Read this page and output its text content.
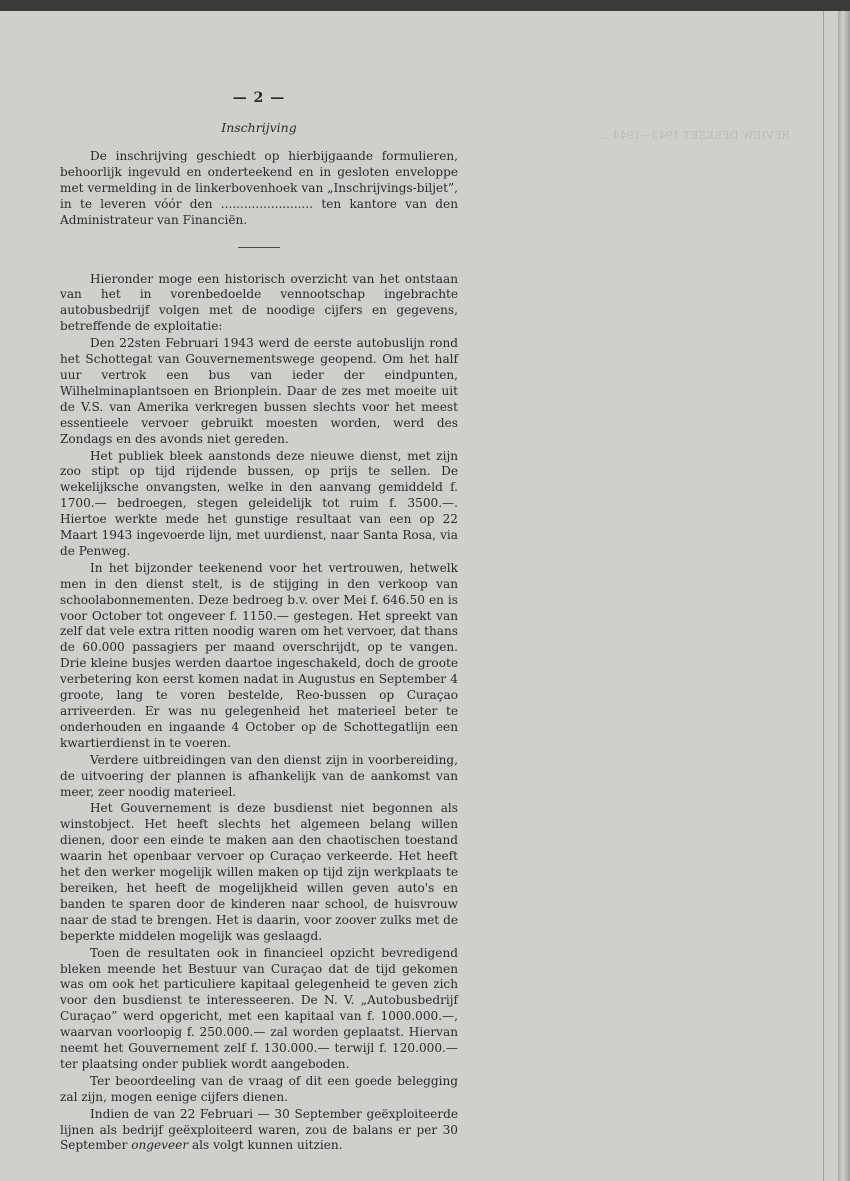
REVIEW DESKSET 1943—1944 ...
— 2 —
Inschrijving

De inschrijving geschiedt op hierbijgaande formulieren, behoorlijk ingevuld en onderteekend en in gesloten enveloppe met vermelding in de linkerbovenhoek van „Inschrijvings-biljet”, in te leveren vóór den ........................ ten kantore van den Administrateur van Financiën.

Hieronder moge een historisch overzicht van het ontstaan van het in vorenbedoelde vennootschap ingebrachte autobusbedrijf volgen met de noodige cijfers en gegevens, betreffende de exploitatie:

Den 22sten Februari 1943 werd de eerste autobuslijn rond het Schottegat van Gouvernementswege geopend. Om het half uur vertrok een bus van ieder der eindpunten, Wilhelminaplantsoen en Brionplein. Daar de zes met moeite uit de V.S. van Amerika verkregen bussen slechts voor het meest essentieele vervoer gebruikt moesten worden, werd des Zondags en des avonds niet gereden.

Het publiek bleek aanstonds deze nieuwe dienst, met zijn zoo stipt op tijd rijdende bussen, op prijs te sellen. De wekelijksche onvangsten, welke in den aanvang gemiddeld f. 1700.— bedroegen, stegen geleidelijk tot ruim f. 3500.—. Hiertoe werkte mede het gunstige resultaat van een op 22 Maart 1943 ingevoerde lijn, met uurdienst, naar Santa Rosa, via de Penweg.

In het bijzonder teekenend voor het vertrouwen, hetwelk men in den dienst stelt, is de stijging in den verkoop van schoolabonnementen. Deze bedroeg b.v. over Mei f. 646.50 en is voor October tot ongeveer f. 1150.— gestegen. Het spreekt van zelf dat vele extra ritten noodig waren om het vervoer, dat thans de 60.000 passagiers per maand overschrijdt, op te vangen. Drie kleine busjes werden daartoe ingeschakeld, doch de groote verbetering kon eerst komen nadat in Augustus en September 4 groote, lang te voren bestelde, Reo-bussen op Curaçao arriveerden. Er was nu gelegenheid het materieel beter te onderhouden en ingaande 4 October op de Schottegatlijn een kwartierdienst in te voeren.

Verdere uitbreidingen van den dienst zijn in voorbereiding, de uitvoering der plannen is afhankelijk van de aankomst van meer, zeer noodig materieel.

Het Gouvernement is deze busdienst niet begonnen als winstobject. Het heeft slechts het algemeen belang willen dienen, door een einde te maken aan den chaotischen toestand waarin het openbaar vervoer op Curaçao verkeerde. Het heeft het den werker mogelijk willen maken op tijd zijn werkplaats te bereiken, het heeft de mogelijkheid willen geven auto's en banden te sparen door de kinderen naar school, de huisvrouw naar de stad te brengen. Het is daarin, voor zoover zulks met de beperkte middelen mogelijk was geslaagd.

Toen de resultaten ook in financieel opzicht bevredigend bleken meende het Bestuur van Curaçao dat de tijd gekomen was om ook het particuliere kapitaal gelegenheid te geven zich voor den busdienst te interesseeren. De N. V. „Autobusbedrijf Curaçao” werd opgericht, met een kapitaal van f. 1000.000.—, waarvan voorloopig f. 250.000.— zal worden geplaatst. Hiervan neemt het Gouvernement zelf f. 130.000.— terwijl f. 120.000.— ter plaatsing onder publiek wordt aangeboden.

Ter beoordeeling van de vraag of dit een goede belegging zal zijn, mogen eenige cijfers dienen.

Indien de van 22 Februari — 30 September geëxploiteerde lijnen als bedrijf geëxploiteerd waren, zou de balans er per 30 September ongeveer als volgt kunnen uitzien.
